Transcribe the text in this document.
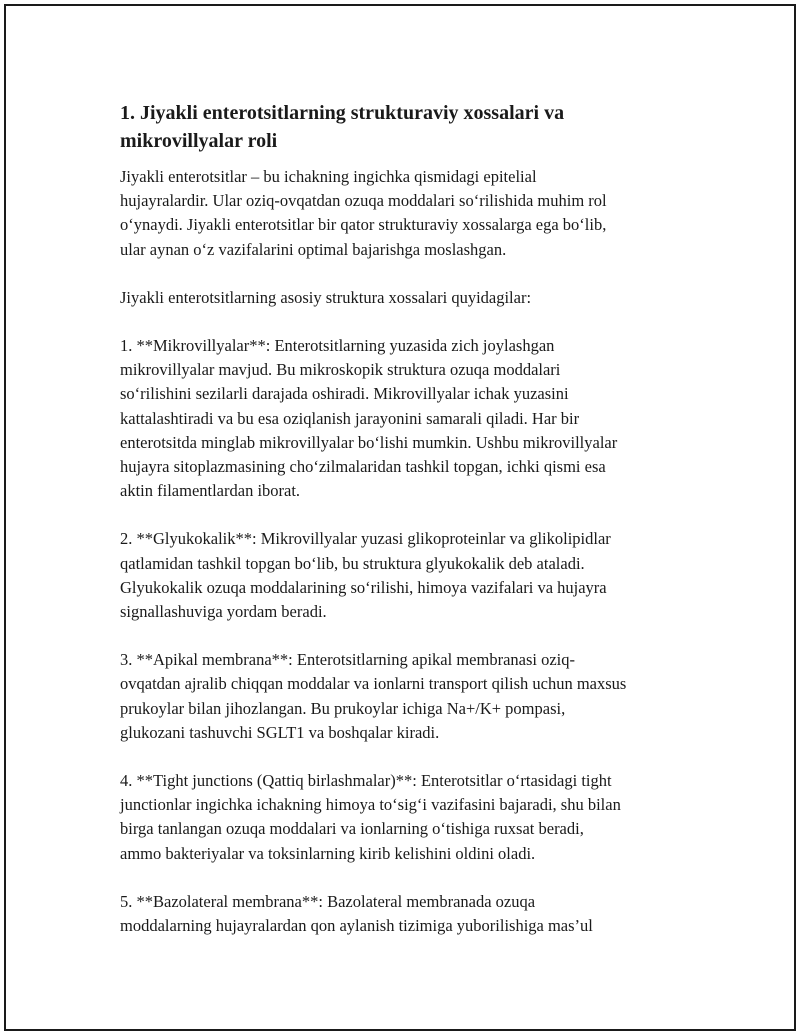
1. Jiyakli enterotsitlarning strukturaviy xossalari va
mikrovillyalar roli

Jiyakli enterotsitlar – bu ichakning ingichka qismidagi epitelial
hujayralardir. Ular oziq-ovqatdan ozuqa moddalari so‘rilishida muhim rol
o‘ynaydi. Jiyakli enterotsitlar bir qator strukturaviy xossalarga ega bo‘lib,
ular aynan o‘z vazifalarini optimal bajarishga moslashgan.

Jiyakli enterotsitlarning asosiy struktura xossalari quyidagilar:

1. **Mikrovillyalar**: Enterotsitlarning yuzasida zich joylashgan
mikrovillyalar mavjud. Bu mikroskopik struktura ozuqa moddalari
so‘rilishini sezilarli darajada oshiradi. Mikrovillyalar ichak yuzasini
kattalashtiradi va bu esa oziqlanish jarayonini samarali qiladi. Har bir
enterotsitda minglab mikrovillyalar bo‘lishi mumkin. Ushbu mikrovillyalar
hujayra sitoplazmasining cho‘zilmalaridan tashkil topgan, ichki qismi esa
aktin filamentlardan iborat.

2. **Glyukokalik**: Mikrovillyalar yuzasi glikoproteinlar va glikolipidlar
qatlamidan tashkil topgan bo‘lib, bu struktura glyukokalik deb ataladi.
Glyukokalik ozuqa moddalarining so‘rilishi, himoya vazifalari va hujayra
signallashuviga yordam beradi.

3. **Apikal membrana**: Enterotsitlarning apikal membranasi oziq-
ovqatdan ajralib chiqqan moddalar va ionlarni transport qilish uchun maxsus
prukoylar bilan jihozlangan. Bu prukoylar ichiga Na+/K+ pompasi,
glukozani tashuvchi SGLT1 va boshqalar kiradi.

4. **Tight junctions (Qattiq birlashmalar)**: Enterotsitlar o‘rtasidagi tight
junctionlar ingichka ichakning himoya to‘sig‘i vazifasini bajaradi, shu bilan
birga tanlangan ozuqa moddalari va ionlarning o‘tishiga ruxsat beradi,
ammo bakteriyalar va toksinlarning kirib kelishini oldini oladi.

5. **Bazolateral membrana**: Bazolateral membranada ozuqa
moddalarning hujayralardan qon aylanish tizimiga yuborilishiga mas’ul
